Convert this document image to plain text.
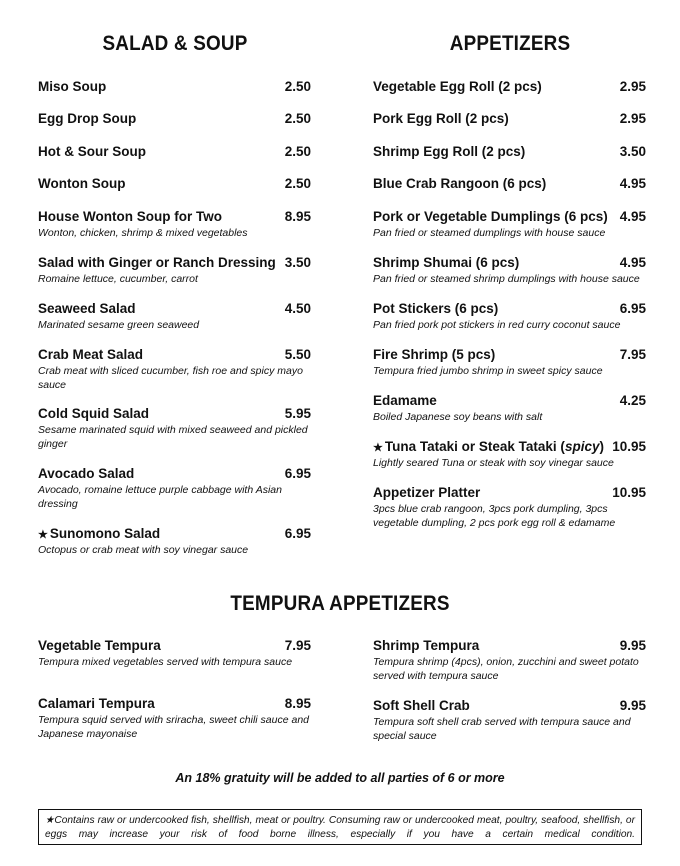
SALAD & SOUP	APPETIZERS
TEMPURA APPETIZERS
Miso Soup	2.50
Egg Drop Soup	2.50
Hot & Sour Soup	2.50
Wonton Soup	2.50
House Wonton Soup for Two	8.95
Wonton, chicken, shrimp & mixed vegetables
Salad with Ginger or Ranch Dressing 3.50
Romaine lettuce, cucumber, carrot
Seaweed Salad	4.50
Marinated sesame green seaweed
Crab Meat Salad	5.50
Crab meat with sliced cucumber, fish roe and spicy mayo sauce
Cold Squid Salad	5.95
Sesame marinated squid with mixed seaweed and pickled ginger
Avocado Salad	6.95
Avocado, romaine lettuce purple cabbage with Asian dressing
★ Sunomono Salad	6.95
Octopus or crab meat with soy vinegar sauce
Vegetable Egg Roll (2 pcs)	2.95
Pork Egg Roll (2 pcs)	2.95
Shrimp Egg Roll (2 pcs)	3.50
Blue Crab Rangoon (6 pcs)	4.95
Pork or Vegetable Dumplings (6 pcs) 4.95
Pan fried or steamed dumplings with house sauce
Shrimp Shumai (6 pcs)	4.95
Pan fried or steamed shrimp dumplings with house sauce
Pot Stickers (6 pcs)	6.95
Pan fried pork pot stickers in red curry coconut sauce
Fire Shrimp (5 pcs)	7.95
Tempura fried jumbo shrimp in sweet spicy sauce
Edamame	4.25
Boiled Japanese soy beans with salt
★ Tuna Tataki or Steak Tataki (spicy) 10.95
Lightly seared Tuna or steak with soy vinegar sauce
Appetizer Platter	10.95
3pcs blue crab rangoon, 3pcs pork dumpling, 3pcs vegetable dumpling, 2 pcs pork egg roll & edamame
Vegetable Tempura	7.95
Tempura mixed vegetables served with tempura sauce
Calamari Tempura	8.95
Tempura squid served with sriracha, sweet chili sauce and Japanese mayonaise
Shrimp Tempura	9.95
Tempura shrimp (4pcs), onion, zucchini and sweet potato served with tempura sauce
Soft Shell Crab	9.95
Tempura soft shell crab served with tempura sauce and special sauce
An 18% gratuity will be added to all parties of 6 or more
★Contains raw or undercooked fish, shellfish, meat or poultry. Consuming raw or undercooked meat, poultry, seafood, shellfish, or eggs may increase your risk of food borne illness, especially if you have a certain medical condition.
